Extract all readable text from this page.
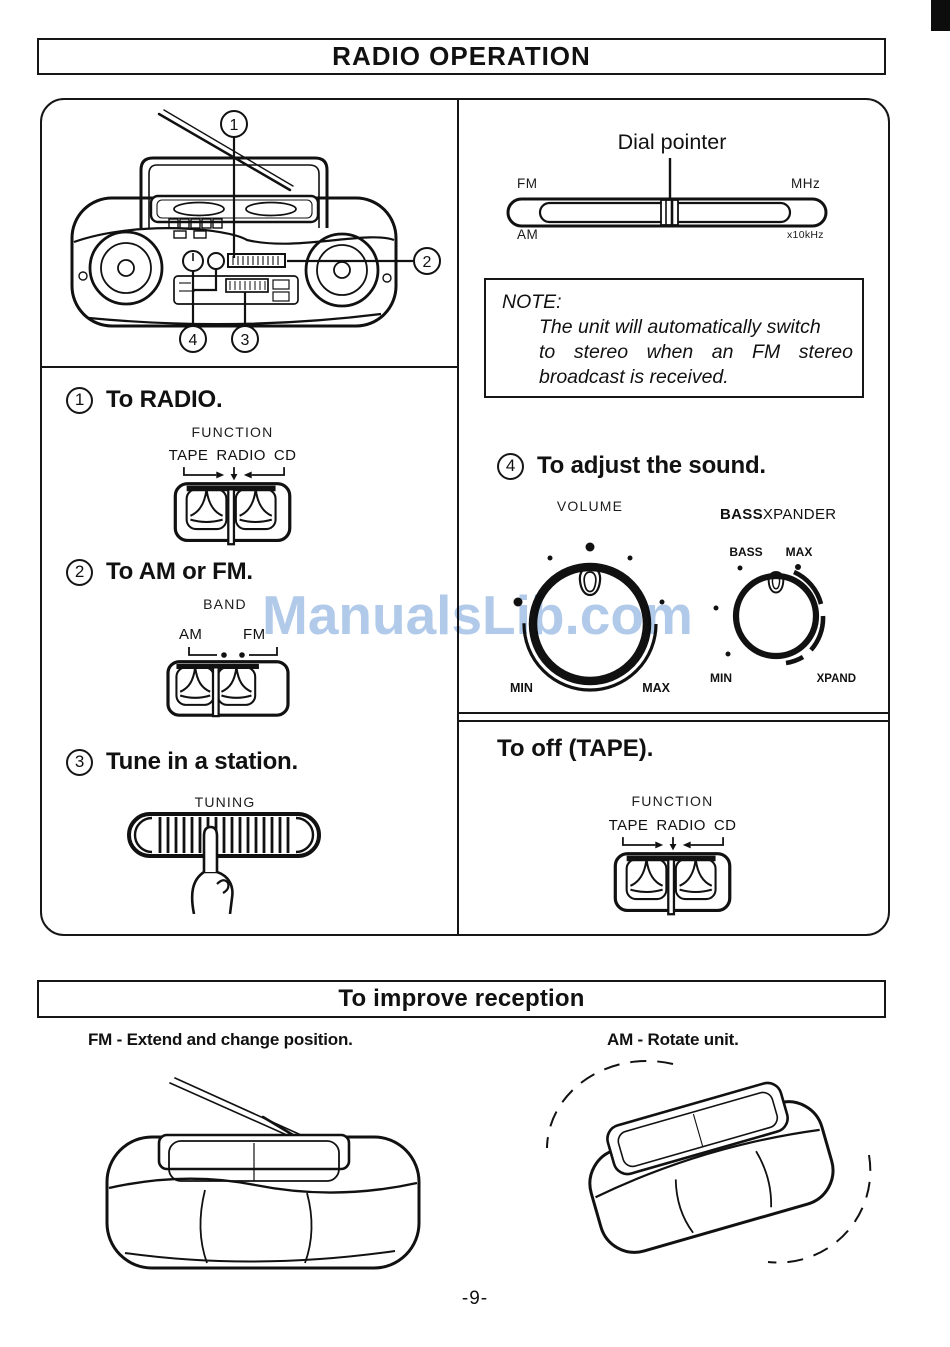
RADIO OPERATION
1
2
3
4
Dial pointer
FM	MHz
AM	x10kHz
NOTE:
The unit will automatically switch
to stereo when an FM stereo
broadcast is received.
1 To RADIO.
FUNCTION
TAPE RADIO CD
2 To AM or FM.
BAND
AM	FM
3 Tune in a station.
TUNING
4 To adjust the sound.
VOLUME	BASSXPANDER
MIN	MAX
BASS MAX
MIN	XPAND
To off (TAPE).
FUNCTION
TAPE RADIO CD
To improve reception
FM - Extend and change position.	AM - Rotate unit.
-9-
ManualsLib.com
